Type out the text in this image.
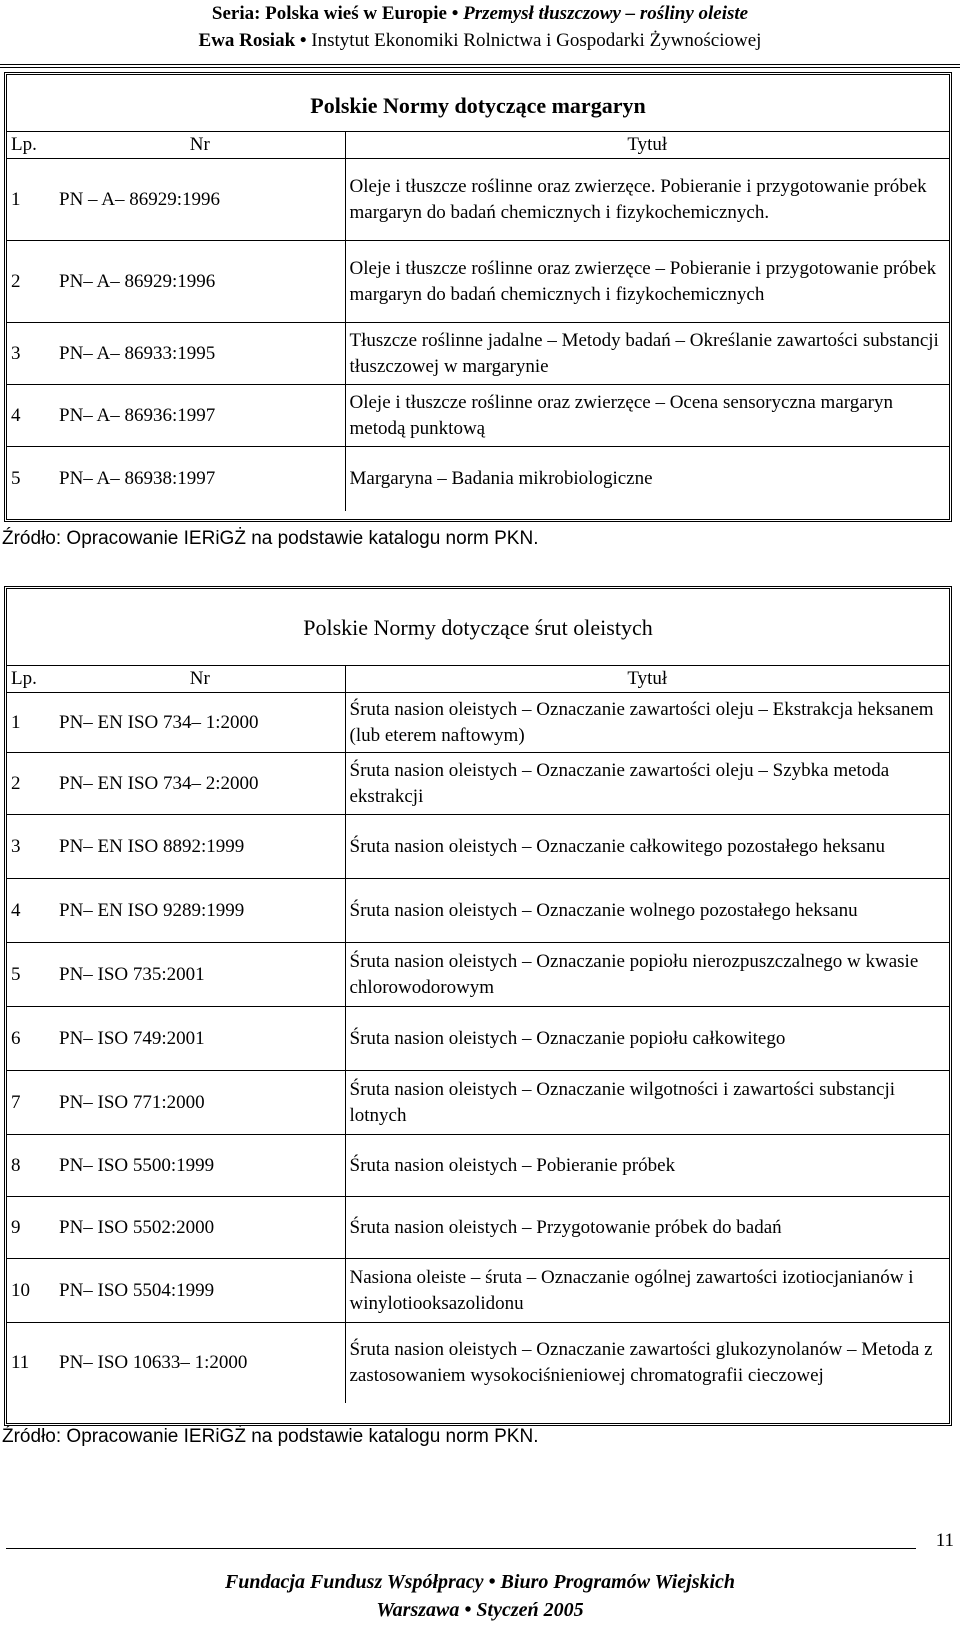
Seria: Polska wieś w Europie • Przemysł tłuszczowy – rośliny oleiste
Ewa Rosiak • Instytut Ekonomiki Rolnictwa i Gospodarki Żywnościowej
Polskie Normy dotyczące margaryn		
Lp.	Nr	Tytuł
1	PN – A– 86929:1996	Oleje i tłuszcze roślinne oraz zwierzęce. Pobieranie i przygotowanie próbek margaryn do badań chemicznych i fizykochemicznych.
2	PN– A– 86929:1996	Oleje i tłuszcze roślinne oraz zwierzęce – Pobieranie i przygotowanie próbek margaryn do badań chemicznych i fizykochemicznych
3	PN– A– 86933:1995	Tłuszcze roślinne jadalne – Metody badań – Określanie zawartości substancji tłuszczowej w margarynie
4	PN– A– 86936:1997	Oleje i tłuszcze roślinne oraz zwierzęce – Ocena sensoryczna margaryn metodą punktową
5	PN– A– 86938:1997	Margaryna – Badania mikrobiologiczne
Źródło: Opracowanie IERiGŻ na podstawie katalogu norm PKN.
Polskie Normy dotyczące śrut oleistych		
Lp.	Nr	Tytuł
1	PN– EN ISO 734– 1:2000	Śruta nasion oleistych – Oznaczanie zawartości oleju – Ekstrakcja heksanem (lub eterem naftowym)
2	PN– EN ISO 734– 2:2000	Śruta nasion oleistych – Oznaczanie zawartości oleju – Szybka metoda ekstrakcji
3	PN– EN ISO 8892:1999	Śruta nasion oleistych – Oznaczanie całkowitego pozostałego heksanu
4	PN– EN ISO 9289:1999	Śruta nasion oleistych – Oznaczanie wolnego pozostałego heksanu
5	PN– ISO 735:2001	Śruta nasion oleistych – Oznaczanie popiołu nierozpuszczalnego w kwasie chlorowodorowym
6	PN– ISO 749:2001	Śruta nasion oleistych – Oznaczanie popiołu całkowitego
7	PN– ISO 771:2000	Śruta nasion oleistych – Oznaczanie wilgotności i zawartości substancji lotnych
8	PN– ISO 5500:1999	Śruta nasion oleistych – Pobieranie próbek
9	PN– ISO 5502:2000	Śruta nasion oleistych – Przygotowanie próbek do badań
10	PN– ISO 5504:1999	Nasiona oleiste – śruta – Oznaczanie ogólnej zawartości izotiocjanianów i winylotiooksazolidonu
11	PN– ISO 10633– 1:2000	Śruta nasion oleistych – Oznaczanie zawartości glukozynolanów – Metoda z zastosowaniem wysokociśnieniowej chromatografii cieczowej
Źródło: Opracowanie IERiGŻ na podstawie katalogu norm PKN.
11
Fundacja Fundusz Współpracy • Biuro Programów Wiejskich
Warszawa • Styczeń 2005
